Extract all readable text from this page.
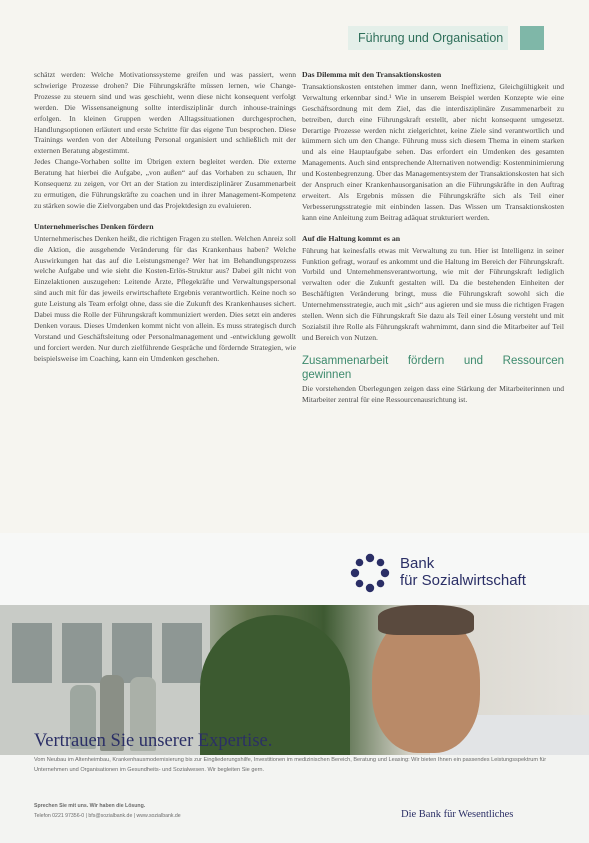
Führung und Organisation

schätzt werden: Welche Motivationssysteme greifen und was passiert, wenn schwierige Prozesse drohen? Die Führungskräfte müssen lernen, wie Change-Prozesse zu steuern sind und was geschieht, wenn diese nicht konsequent verfolgt werden. Die Wissensaneignung sollte interdisziplinär durch inhouse-trainings erfolgen. In kleinen Gruppen werden Alltagssituationen durchgesprochen, Handlungsoptionen erläutert und erste Schritte für das eigene Tun besprochen. Diese Trainings werden von der Abteilung Personal organisiert und schließlich mit der externen Beratung abgestimmt.

Jedes Change-Vorhaben sollte im Übrigen extern begleitet werden. Die externe Beratung hat hierbei die Aufgabe, „von außen“ auf das Vorhaben zu schauen, Ihr Konsequenz zu zeigen, vor Ort an der Station zu interdisziplinärer Zusammenarbeit zu ermutigen, die Führungskräfte zu coachen und in ihrer Management-Kompetenz zu stärken sowie die Zielvorgaben und das Projektdesign zu evaluieren.

Unternehmerisches Denken fördern

Unternehmerisches Denken heißt, die richtigen Fragen zu stellen. Welchen Anreiz soll die Aktion, die ausgehende Veränderung für das Krankenhaus haben? Welche Auswirkungen hat das auf die Leistungsmenge? Wer hat im Behandlungsprozess welche Aufgabe und wie sieht die Kosten-Erlös-Struktur aus? Dabei gilt nicht von Einzelaktionen auszugehen: Leitende Ärzte, Pflegekräfte und Verwaltungspersonal sind auch mit für das jeweils erwirtschaftete Ergebnis verantwortlich. Keine noch so gute Leistung als Team erfolgt ohne, dass sie die Zukunft des Krankenhauses sichert. Dabei muss die Rolle der Führungskraft kommuniziert werden. Dies setzt ein anderes Denken voraus. Dieses Umdenken kommt nicht von allein. Es muss strategisch durch Vorstand und Geschäftsleitung oder Personalmanagement und -entwicklung gewollt und forciert werden. Nur durch zielführende Gespräche und fördernde Strategien, wie beispielsweise im Coaching, kann ein Umdenken geschehen.

Das Dilemma mit den Transaktionskosten

Transaktionskosten entstehen immer dann, wenn Ineffizienz, Gleichgültigkeit und Verwaltung erkennbar sind.¹ Wie in unserem Beispiel werden Konzepte wie eine Geschäftsordnung mit dem Ziel, das die interdisziplinäre Zusammenarbeit zu betreiben, durch eine Führungskraft erstellt, aber nicht konsequent umgesetzt. Derartige Prozesse werden nicht zielgerichtet, keine Ziele sind verantwortlich und kümmern sich um den Change. Führung muss sich diesem Thema in einem starken und als eine Hauptaufgabe sehen. Das erfordert ein Umdenken des gesamten Managements. Auch sind entsprechende Alternativen notwendig: Kostenminimierung und Kostenbegrenzung. Über das Managementsystem der Transaktionskosten hat sich der Anspruch einer Krankenhausorganisation an die Führungskräfte in den Auftrag erweitert. Als Ergebnis müssen die Führungskräfte sich als Teil einer Verbesserungsstrategie mit einbinden lassen. Das Wissen um Transaktionskosten kann eine Anleitung zum Beitrag adäquat strukturiert werden.

Auf die Haltung kommt es an

Führung hat keinesfalls etwas mit Verwaltung zu tun. Hier ist Intelligenz in seiner Funktion gefragt, worauf es ankommt und die Haltung im Bereich der Führungskraft. Vorbild und Unternehmensverantwortung, wie mit der Führungskraft lediglich verwalten oder die Zukunft gestalten will. Da die bestehenden Einheiten der Beschäftigten Veränderung bringt, muss die Führungskraft sowohl sich die Unternehmensstrategie, auch mit „sich“ aus agieren und sie muss die richtigen Fragen stellen. Wenn sich die Führungskraft Sie dazu als Teil einer Lösung versteht und mit Sozialstil ihre Rolle als Führungskraft wahrnimmt, dann sind die Mitarbeiter auf Teil und Bereich von Nutzen.

Zusammenarbeit fördern und Ressourcen gewinnen

Die vorstehenden Überlegungen zeigen dass eine Stärkung der Mitarbeiterinnen und Mitarbeiter zentral für eine Ressourcenausrichtung ist.

Bank
für Sozialwirtschaft
Vertrauen Sie unserer Expertise.
Vom Neubau im Altenheimbau, Krankenhausmodernisierung bis zur Eingliederungshilfe, Investitionen im medizinischen Bereich, Beratung und Leasing: Wir bieten Ihnen ein passendes Leistungsspektrum für Unternehmen und Organisationen im Gesundheits- und Sozialwesen. Wir begleiten Sie gern.
Sprechen Sie mit uns. Wir haben die Lösung.
Telefon 0221 97356-0 | bfs@sozialbank.de | www.sozialbank.de	Die Bank für Wesentliches
